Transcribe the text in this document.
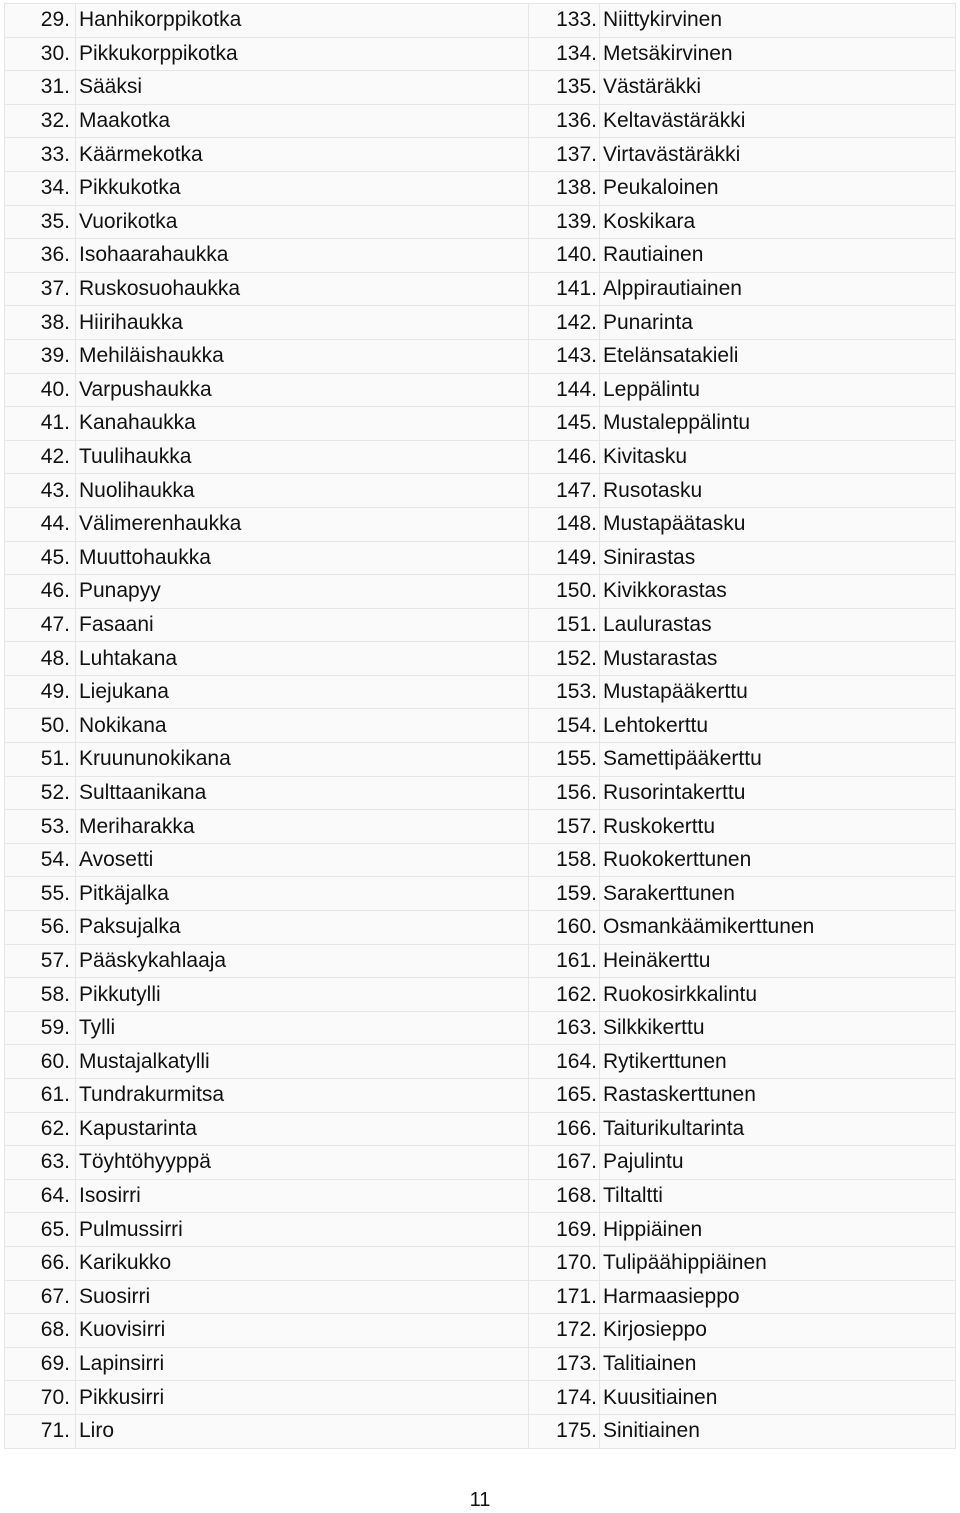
29.	Hanhikorppikotka	133.	Niittykirvinen
30.	Pikkukorppikotka	134.	Metsäkirvinen
31.	Sääksi	135.	Västäräkki
32.	Maakotka	136.	Keltavästäräkki
33.	Käärmekotka	137.	Virtavästäräkki
34.	Pikkukotka	138.	Peukaloinen
35.	Vuorikotka	139.	Koskikara
36.	Isohaarahaukka	140.	Rautiainen
37.	Ruskosuohaukka	141.	Alppirautiainen
38.	Hiirihaukka	142.	Punarinta
39.	Mehiläishaukka	143.	Etelänsatakieli
40.	Varpushaukka	144.	Leppälintu
41.	Kanahaukka	145.	Mustaleppälintu
42.	Tuulihaukka	146.	Kivitasku
43.	Nuolihaukka	147.	Rusotasku
44.	Välimerenhaukka	148.	Mustapäätasku
45.	Muuttohaukka	149.	Sinirastas
46.	Punapyy	150.	Kivikkorastas
47.	Fasaani	151.	Laulurastas
48.	Luhtakana	152.	Mustarastas
49.	Liejukana	153.	Mustapääkerttu
50.	Nokikana	154.	Lehtokerttu
51.	Kruununokikana	155.	Samettipääkerttu
52.	Sulttaanikana	156.	Rusorintakerttu
53.	Meriharakka	157.	Ruskokerttu
54.	Avosetti	158.	Ruokokerttunen
55.	Pitkäjalka	159.	Sarakerttunen
56.	Paksujalka	160.	Osmankäämikerttunen
57.	Pääskykahlaaja	161.	Heinäkerttu
58.	Pikkutylli	162.	Ruokosirkkalintu
59.	Tylli	163.	Silkkikerttu
60.	Mustajalkatylli	164.	Rytikerttunen
61.	Tundrakurmitsa	165.	Rastaskerttunen
62.	Kapustarinta	166.	Taiturikultarinta
63.	Töyhtöhyyppä	167.	Pajulintu
64.	Isosirri	168.	Tiltaltti
65.	Pulmussirri	169.	Hippiäinen
66.	Karikukko	170.	Tulipäähippiäinen
67.	Suosirri	171.	Harmaasieppo
68.	Kuovisirri	172.	Kirjosieppo
69.	Lapinsirri	173.	Talitiainen
70.	Pikkusirri	174.	Kuusitiainen
71.	Liro	175.	Sinitiainen
11
